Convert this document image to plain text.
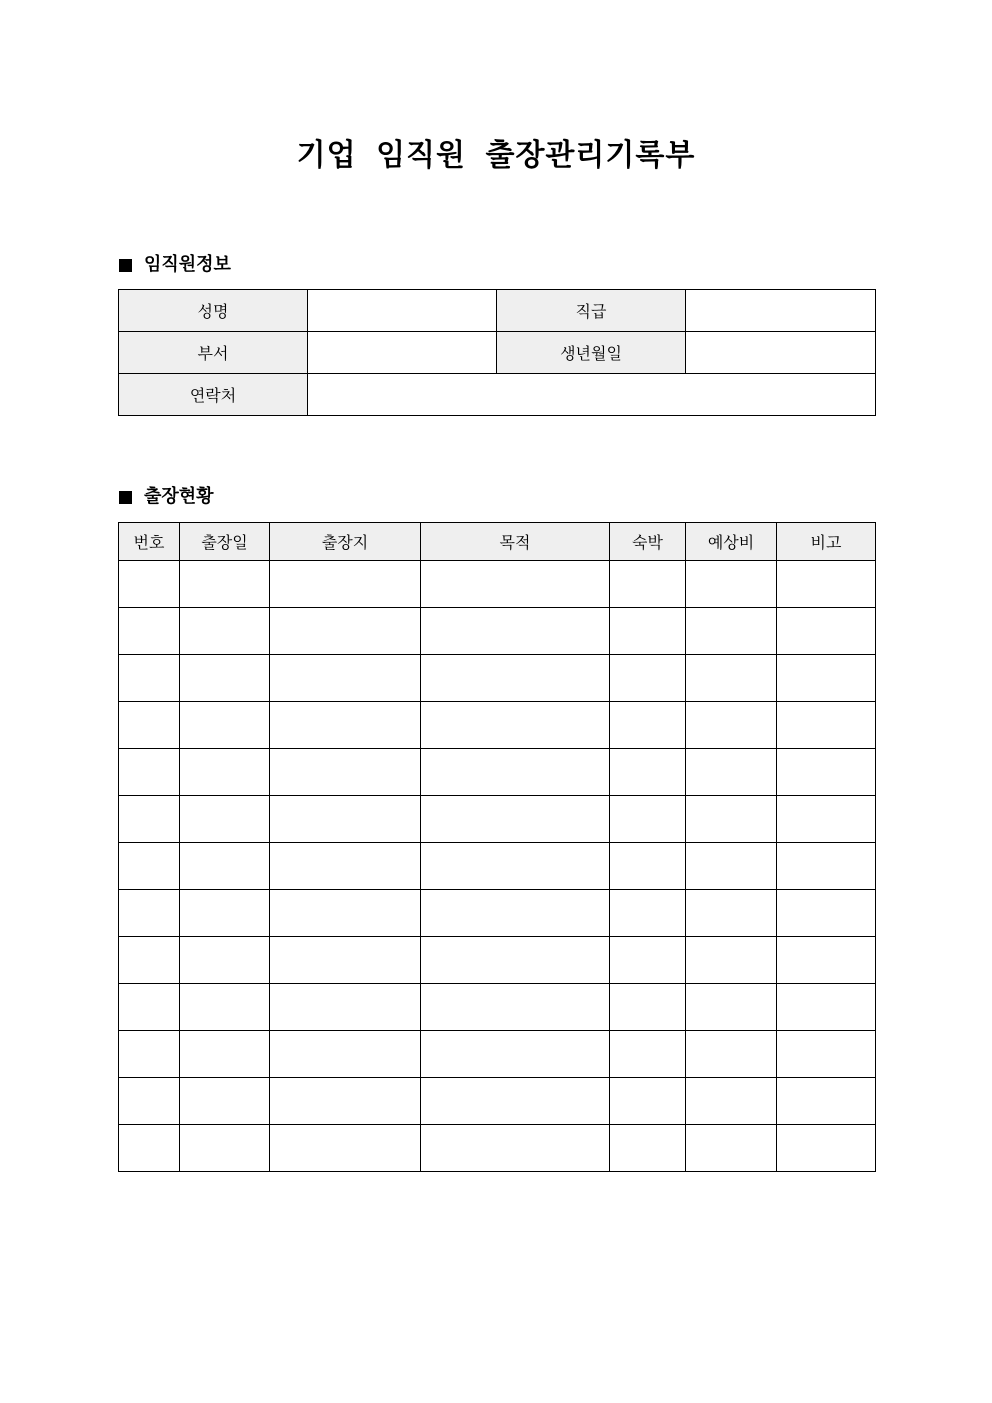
기업 임직원 출장관리기록부
임직원정보
성명		직급	
부서		생년월일	
연락처			
출장현황
번호	출장일	출장지	목적	숙박	예상비	비고
